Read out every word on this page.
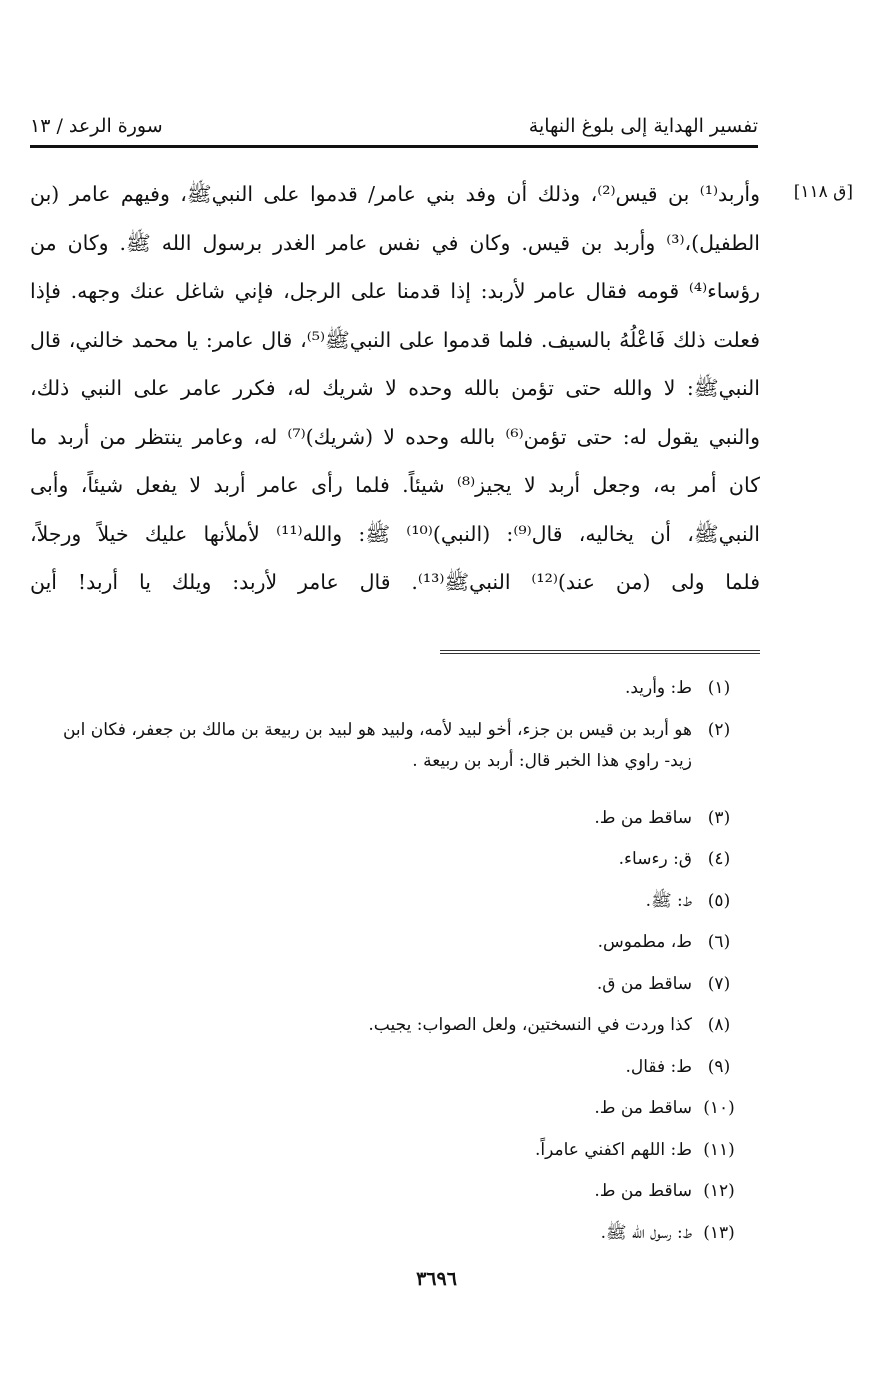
تفسير الهداية إلى بلوغ النهاية
سورة الرعد / ١٣
[ق ١١٨]
وأربد⁽¹⁾ بن قيس⁽²⁾، وذلك أن وفد بني عامر/ قدموا على النبيﷺ، وفيهم عامر (بن
الطفيل)،⁽³⁾ وأربد بن قيس. وكان في نفس عامر الغدر برسول الله ﷺ. وكان من
رؤساء⁽⁴⁾ قومه فقال عامر لأربد: إذا قدمنا على الرجل، فإني شاغل عنك وجهه. فإذا
فعلت ذلك فَاعْلُهُ بالسيف. فلما قدموا على النبيﷺ⁽⁵⁾، قال عامر: يا محمد خالني، قال
النبيﷺ: لا والله حتى تؤمن بالله وحده لا شريك له، فكرر عامر على النبي ذلك،
والنبي يقول له: حتى تؤمن⁽⁶⁾ بالله وحده لا (شريك)⁽⁷⁾ له، وعامر ينتظر من أربد ما
كان أمر به، وجعل أربد لا يجيز⁽⁸⁾ شيئاً. فلما رأى عامر أربد لا يفعل شيئاً، وأبى
النبيﷺ، أن يخاليه، قال⁽⁹⁾: (النبي)⁽¹⁰⁾ ﷺ: والله⁽¹¹⁾ لأملأنها عليك خيلاً ورجلاً،
فلما ولى (من عند)⁽¹²⁾ النبيﷺ⁽¹³⁾. قال عامر لأربد: ويلك يا أربد! أين
(١)
ط: وأريد.
(٢)
هو أربد بن قيس بن جزء، أخو لبيد لأمه، ولبيد هو لبيد بن ربيعة بن مالك بن جعفر، فكان ابن زيد- راوي هذا الخبر قال: أربد بن ربيعة .
(٣)
ساقط من ط.
(٤)
ق: رءساء.
(٥)
ط: ﷺ.
(٦)
ط، مطموس.
(٧)
ساقط من ق.
(٨)
كذا وردت في النسختين، ولعل الصواب: يجيب.
(٩)
ط: فقال.
(١٠)
ساقط من ط.
(١١)
ط: اللهم اكفني عامراً.
(١٢)
ساقط من ط.
(١٣)
ط: رسول الله ﷺ.
٣٦٩٦
